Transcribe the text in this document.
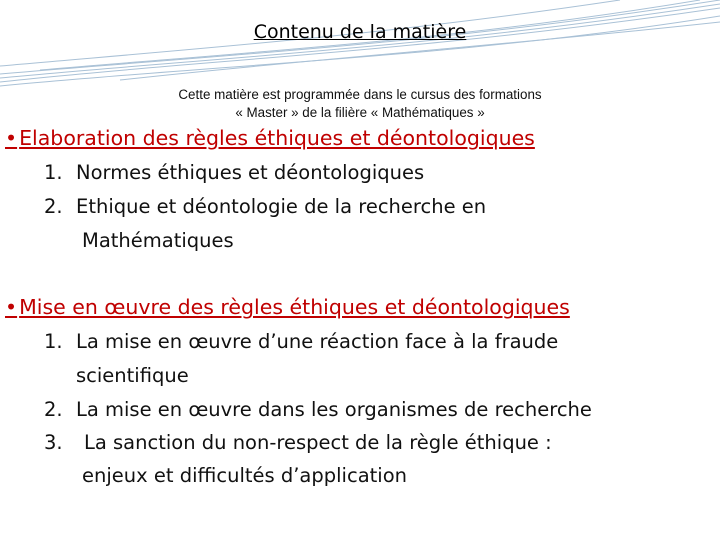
Contenu de la matière
Cette matière est programmée dans le cursus des formations
« Master » de la filière « Mathématiques »
•Elaboration des règles éthiques et déontologiques
1. Normes éthiques et déontologiques
2. Ethique et déontologie de la recherche en
Mathématiques
•Mise en œuvre des règles éthiques et déontologiques
1. La mise en œuvre d’une réaction face à la fraude
scientifique
2. La mise en œuvre dans les organismes de recherche
3. La sanction du non-respect de la règle éthique :
enjeux et difficultés d’application
